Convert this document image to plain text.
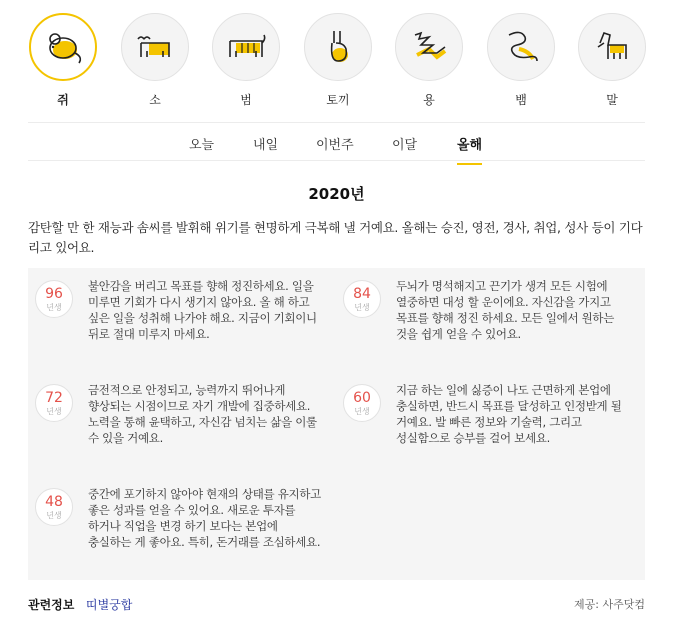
쥐	소	범	토끼	용	뱀	말
오늘	내일	이번주	이달	올해
2020년
감탄할 만 한 재능과 솜씨를 발휘해 위기를 현명하게 극복해 낼 거예요. 올해는 승진, 영전, 경사, 취업, 성사 등이 기다리고 있어요.
96
년생
불안감을 버리고 목표를 향해 정진하세요. 일을 미루면 기회가 다시 생기지 않아요. 올 해 하고 싶은 일을 성취해 나가야 해요. 지금이 기회이니 뒤로 절대 미루지 마세요.
84
년생
두뇌가 명석해지고 끈기가 생겨 모든 시험에 열중하면 대성 할 운이에요. 자신감을 가지고 목표를 향해 정진 하세요. 모든 일에서 원하는 것을 쉽게 얻을 수 있어요.
72
년생
금전적으로 안정되고, 능력까지 뛰어나게 향상되는 시점이므로 자기 개발에 집중하세요. 노력을 통해 윤택하고, 자신감 넘치는 삶을 이룰 수 있을 거예요.
60
년생
지금 하는 일에 싫증이 나도 근면하게 본업에 충실하면, 반드시 목표를 달성하고 인정받게 될 거예요. 발 빠른 정보와 기술력, 그리고 성실함으로 승부를 걸어 보세요.
48
년생
중간에 포기하지 않아야 현재의 상태를 유지하고 좋은 성과를 얻을 수 있어요. 새로운 투자를 하거나 직업을 변경 하기 보다는 본업에 충실하는 게 좋아요. 특히, 돈거래를 조심하세요.
관련정보 띠별궁합	제공: 사주닷컴
